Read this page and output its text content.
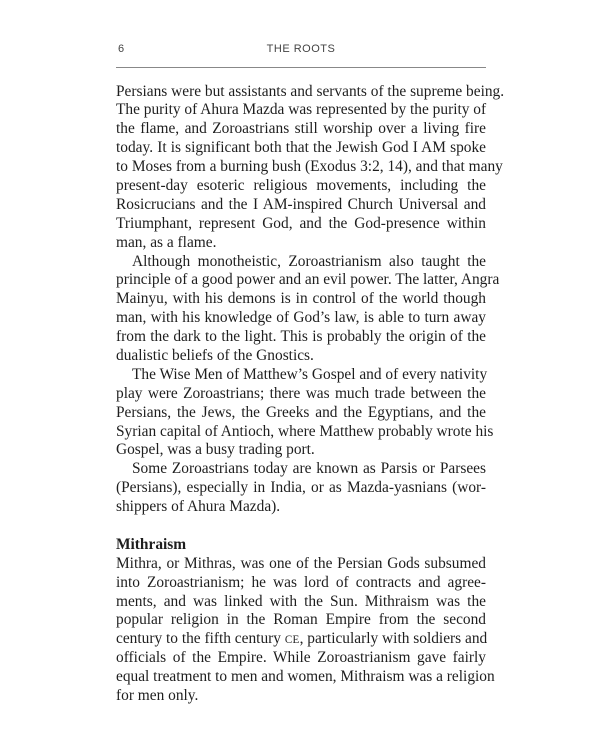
6	THE ROOTS
Persians were but assistants and servants of the supreme being.
The purity of Ahura Mazda was represented by the purity of
the flame, and Zoroastrians still worship over a living fire
today. It is significant both that the Jewish God I AM spoke
to Moses from a burning bush (Exodus 3:2, 14), and that many
present-day esoteric religious movements, including the
Rosicrucians and the I AM-inspired Church Universal and
Triumphant, represent God, and the God-presence within
man, as a flame.
Although monotheistic, Zoroastrianism also taught the
principle of a good power and an evil power. The latter, Angra
Mainyu, with his demons is in control of the world though
man, with his knowledge of God’s law, is able to turn away
from the dark to the light. This is probably the origin of the
dualistic beliefs of the Gnostics.
The Wise Men of Matthew’s Gospel and of every nativity
play were Zoroastrians; there was much trade between the
Persians, the Jews, the Greeks and the Egyptians, and the
Syrian capital of Antioch, where Matthew probably wrote his
Gospel, was a busy trading port.
Some Zoroastrians today are known as Parsis or Parsees
(Persians), especially in India, or as Mazda-yasnians (wor-
shippers of Ahura Mazda).
Mithraism
Mithra, or Mithras, was one of the Persian Gods subsumed
into Zoroastrianism; he was lord of contracts and agree-
ments, and was linked with the Sun. Mithraism was the
popular religion in the Roman Empire from the second
century to the fifth century CE, particularly with soldiers and
officials of the Empire. While Zoroastrianism gave fairly
equal treatment to men and women, Mithraism was a religion
for men only.
